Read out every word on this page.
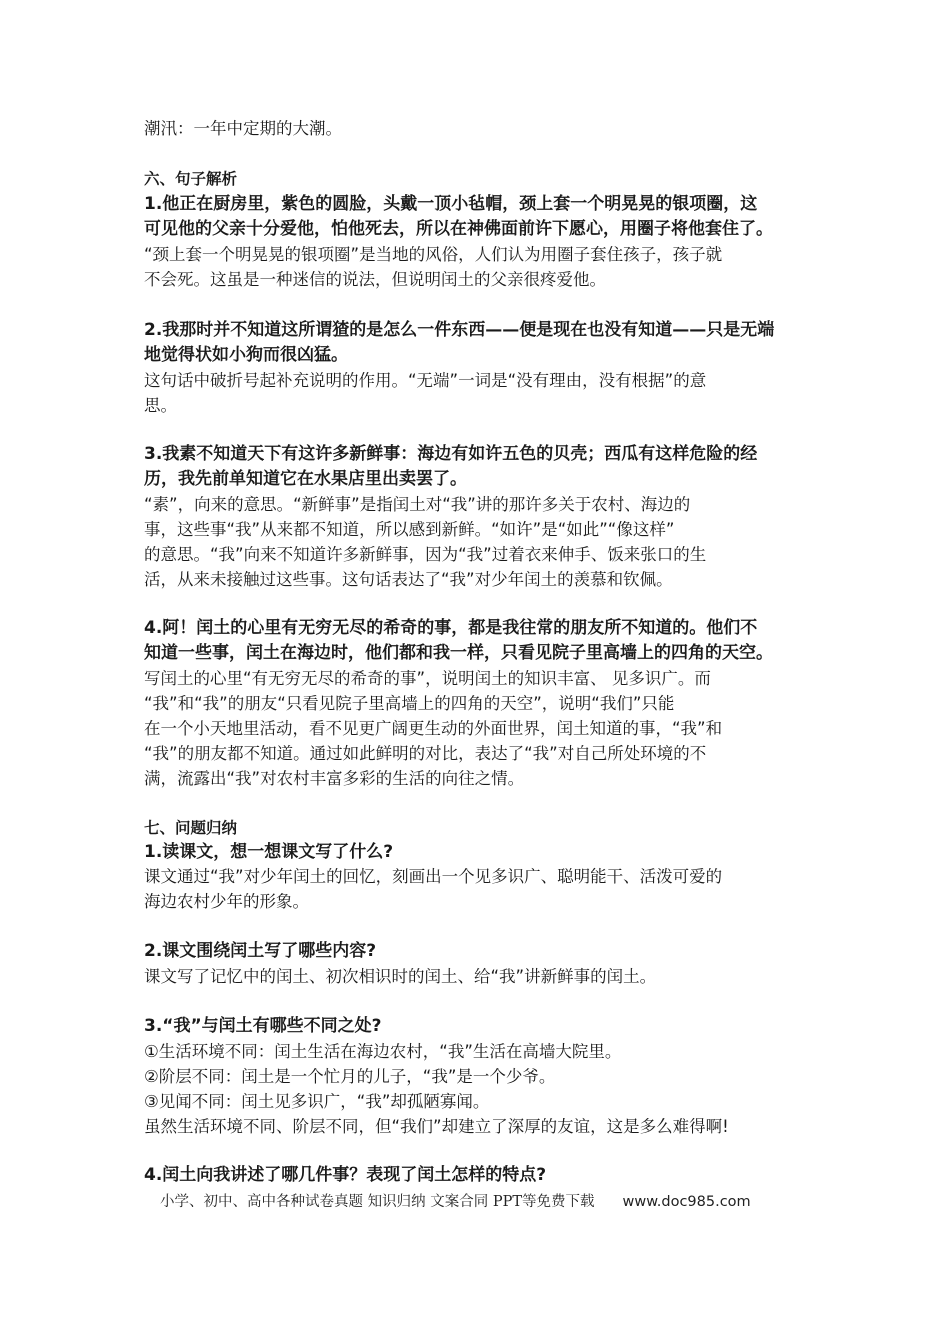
潮汛：一年中定期的大潮。
六、句子解析
1.他正在厨房里，紫色的圆脸，头戴一顶小毡帽，颈上套一个明晃晃的银项圈，这
可见他的父亲十分爱他，怕他死去，所以在神佛面前许下愿心，用圈子将他套住了。
“颈上套一个明晃晃的银项圈”是当地的风俗，人们认为用圈子套住孩子，孩子就
不会死。这虽是一种迷信的说法，但说明闰土的父亲很疼爱他。
2.我那时并不知道这所谓猹的是怎么一件东西——便是现在也没有知道——只是无端
地觉得状如小狗而很凶猛。
这句话中破折号起补充说明的作用。“无端”一词是“没有理由，没有根据”的意
思。
3.我素不知道天下有这许多新鲜事：海边有如许五色的贝壳；西瓜有这样危险的经
历，我先前单知道它在水果店里出卖罢了。
“素”，向来的意思。“新鲜事”是指闰土对“我”讲的那许多关于农村、海边的
事，这些事“我”从来都不知道，所以感到新鲜。“如许”是“如此”“像这样”
的意思。“我”向来不知道许多新鲜事，因为“我”过着衣来伸手、饭来张口的生
活，从来未接触过这些事。这句话表达了“我”对少年闰土的羡慕和钦佩。
4.阿！闰土的心里有无穷无尽的希奇的事，都是我往常的朋友所不知道的。他们不
知道一些事，闰土在海边时，他们都和我一样，只看见院子里高墙上的四角的天空。
写闰土的心里“有无穷无尽的希奇的事”，说明闰土的知识丰富、 见多识广。而
“我”和“我”的朋友“只看见院子里高墙上的四角的天空”，说明“我们”只能
在一个小天地里活动，看不见更广阔更生动的外面世界，闰土知道的事，“我”和
“我”的朋友都不知道。通过如此鲜明的对比，表达了“我”对自己所处环境的不
满，流露出“我”对农村丰富多彩的生活的向往之情。
七、问题归纳
1.读课文，想一想课文写了什么?
课文通过“我”对少年闰土的回忆，刻画出一个见多识广、聪明能干、活泼可爱的
海边农村少年的形象。
2.课文围绕闰土写了哪些内容?
课文写了记忆中的闰土、初次相识时的闰土、给“我”讲新鲜事的闰土。
3.“我”与闰土有哪些不同之处?
①生活环境不同：闰土生活在海边农村，“我”生活在高墙大院里。
②阶层不同：闰土是一个忙月的儿子，“我”是一个少爷。
③见闻不同：闰土见多识广，“我”却孤陋寡闻。
虽然生活环境不同、阶层不同，但“我们”却建立了深厚的友谊，这是多么难得啊!
4.闰土向我讲述了哪几件事？表现了闰土怎样的特点?
小学、初中、高中各种试卷真题 知识归纳 文案合同 PPT等免费下载 www.doc985.com
